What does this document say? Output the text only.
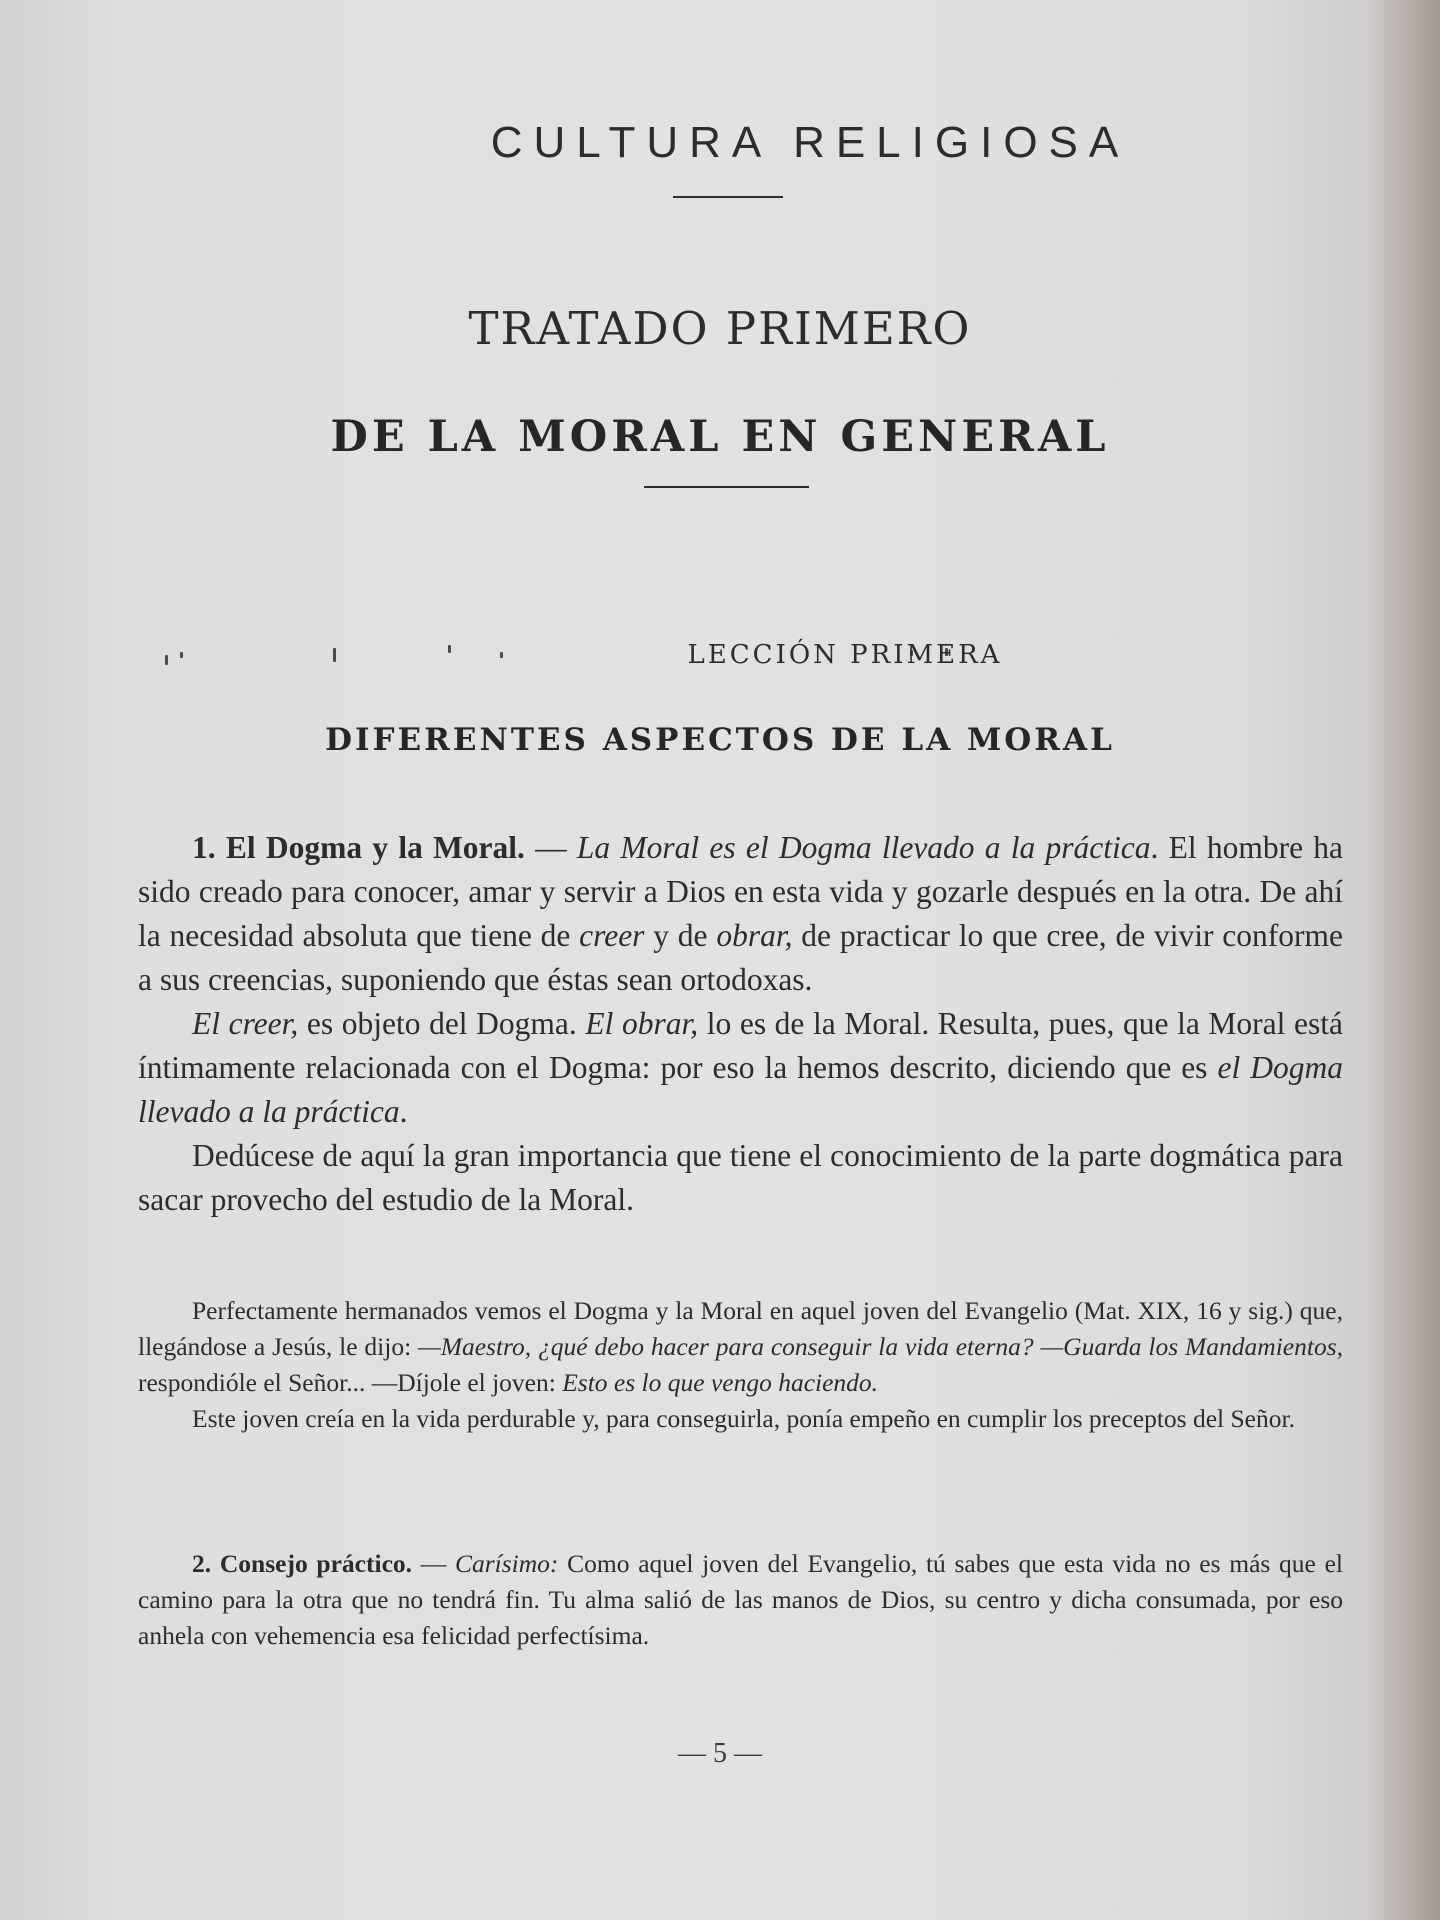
CULTURA RELIGIOSA
TRATADO PRIMERO
DE LA MORAL EN GENERAL
LECCIÓN PRIMERA
DIFERENTES ASPECTOS DE LA MORAL

1. El Dogma y la Moral. — La Moral es el Dogma llevado a la práctica. El hombre ha sido creado para conocer, amar y servir a Dios en esta vida y gozarle después en la otra. De ahí la necesidad absoluta que tiene de creer y de obrar, de practicar lo que cree, de vivir conforme a sus creencias, suponiendo que éstas sean ortodoxas.

El creer, es objeto del Dogma. El obrar, lo es de la Moral. Resulta, pues, que la Moral está íntimamente relacionada con el Dogma: por eso la hemos descrito, diciendo que es el Dogma llevado a la práctica.

Dedúcese de aquí la gran importancia que tiene el conocimiento de la parte dogmática para sacar provecho del estudio de la Moral.

Perfectamente hermanados vemos el Dogma y la Moral en aquel joven del Evangelio (Mat. XIX, 16 y sig.) que, llegándose a Jesús, le dijo: —Maestro, ¿qué debo hacer para conseguir la vida eterna? —Guarda los Mandamientos, respondióle el Señor... —Díjole el joven: Esto es lo que vengo haciendo.

Este joven creía en la vida perdurable y, para conseguirla, ponía empeño en cumplir los preceptos del Señor.

2. Consejo práctico. — Carísimo: Como aquel joven del Evangelio, tú sabes que esta vida no es más que el camino para la otra que no tendrá fin. Tu alma salió de las manos de Dios, su centro y dicha consumada, por eso anhela con vehemencia esa felicidad perfectísima.

— 5 —
